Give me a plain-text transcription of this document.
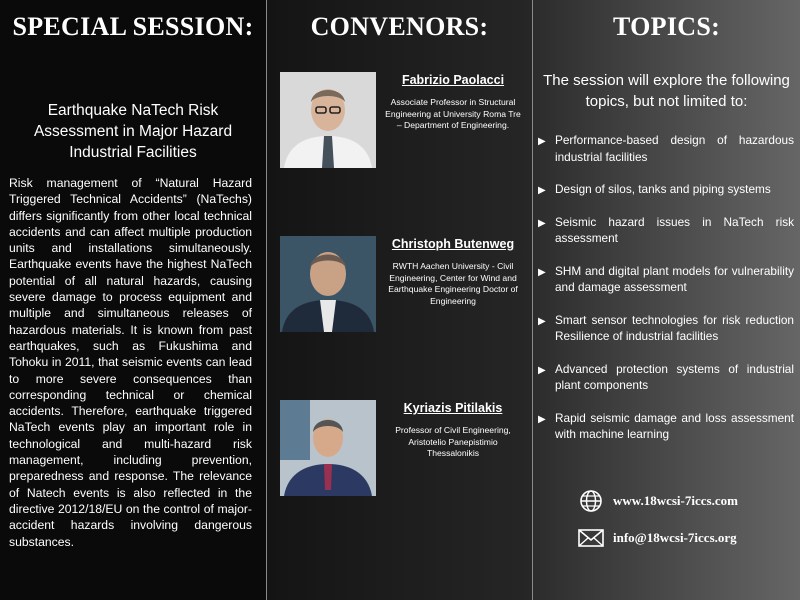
SPECIAL SESSION:
Earthquake NaTech Risk Assessment in Major Hazard Industrial Facilities
Risk management of “Natural Hazard Triggered Technical Accidents” (NaTechs) differs significantly from other local technical accidents and can affect multiple production units and installations simultaneously. Earthquake events have the highest NaTech potential of all natural hazards, causing severe damage to process equipment and multiple and simultaneous releases of hazardous materials. It is known from past earthquakes, such as Fukushima and Tohoku in 2011, that seismic events can lead to more severe consequences than corresponding technical or chemical accidents. Therefore, earthquake triggered NaTech events play an important role in technological and multi-hazard risk management, including prevention, preparedness and response. The relevance of Natech events is also reflected in the directive 2012/18/EU on the control of major-accident hazards involving dangerous substances.
CONVENORS:
Fabrizio Paolacci
Associate Professor in Structural Engineering at University Roma Tre – Department of Engineering.
Christoph Butenweg
RWTH Aachen University - Civil Engineering, Center for Wind and Earthquake Engineering Doctor of Engineering
Kyriazis Pitilakis
Professor of Civil Engineering, Aristotelio Panepistimio Thessalonikis
TOPICS:
The session will explore the following topics, but not limited to:
▶ Performance-based design of hazardous industrial facilities
▶ Design of silos, tanks and piping systems
▶ Seismic hazard issues in NaTech risk assessment
▶ SHM and digital plant models for vulnerability and damage assessment
▶ Smart sensor technologies for risk reduction Resilience of industrial facilities
▶ Advanced protection systems of industrial plant components
▶ Rapid seismic damage and loss assessment with machine learning
www.18wcsi-7iccs.com
info@18wcsi-7iccs.org
